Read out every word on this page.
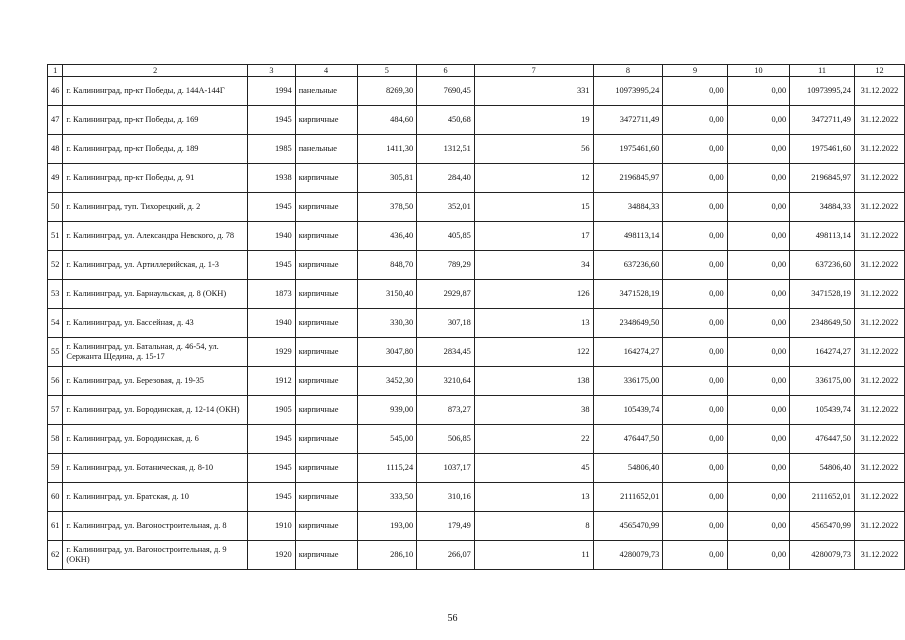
1	2	3	4	5	6	7	8	9	10	11	12
46	г. Калининград, пр-кт Победы, д. 144А-144Г	1994	панельные	8269,30	7690,45	331	10973995,24	0,00	0,00	10973995,24	31.12.2022
47	г. Калининград, пр-кт Победы, д. 169	1945	кирпичные	484,60	450,68	19	3472711,49	0,00	0,00	3472711,49	31.12.2022
48	г. Калининград, пр-кт Победы, д. 189	1985	панельные	1411,30	1312,51	56	1975461,60	0,00	0,00	1975461,60	31.12.2022
49	г. Калининград, пр-кт Победы, д. 91	1938	кирпичные	305,81	284,40	12	2196845,97	0,00	0,00	2196845,97	31.12.2022
50	г. Калининград, туп. Тихорецкий, д. 2	1945	кирпичные	378,50	352,01	15	34884,33	0,00	0,00	34884,33	31.12.2022
51	г. Калининград, ул. Александра Невского, д. 78	1940	кирпичные	436,40	405,85	17	498113,14	0,00	0,00	498113,14	31.12.2022
52	г. Калининград, ул. Артиллерийская, д. 1-3	1945	кирпичные	848,70	789,29	34	637236,60	0,00	0,00	637236,60	31.12.2022
53	г. Калининград, ул. Барнаульская, д. 8 (ОКН)	1873	кирпичные	3150,40	2929,87	126	3471528,19	0,00	0,00	3471528,19	31.12.2022
54	г. Калининград, ул. Бассейная, д. 43	1940	кирпичные	330,30	307,18	13	2348649,50	0,00	0,00	2348649,50	31.12.2022
55	г. Калининград, ул. Батальная, д. 46-54, ул. Сержанта Щедина, д. 15-17	1929	кирпичные	3047,80	2834,45	122	164274,27	0,00	0,00	164274,27	31.12.2022
56	г. Калининград, ул. Березовая, д. 19-35	1912	кирпичные	3452,30	3210,64	138	336175,00	0,00	0,00	336175,00	31.12.2022
57	г. Калининград, ул. Бородинская, д. 12-14 (ОКН)	1905	кирпичные	939,00	873,27	38	105439,74	0,00	0,00	105439,74	31.12.2022
58	г. Калининград, ул. Бородинская, д. 6	1945	кирпичные	545,00	506,85	22	476447,50	0,00	0,00	476447,50	31.12.2022
59	г. Калининград, ул. Ботаническая, д. 8-10	1945	кирпичные	1115,24	1037,17	45	54806,40	0,00	0,00	54806,40	31.12.2022
60	г. Калининград, ул. Братская, д. 10	1945	кирпичные	333,50	310,16	13	2111652,01	0,00	0,00	2111652,01	31.12.2022
61	г. Калининград, ул. Вагоностроительная, д. 8	1910	кирпичные	193,00	179,49	8	4565470,99	0,00	0,00	4565470,99	31.12.2022
62	г. Калининград, ул. Вагоностроительная, д. 9 (ОКН)	1920	кирпичные	286,10	266,07	11	4280079,73	0,00	0,00	4280079,73	31.12.2022
56
